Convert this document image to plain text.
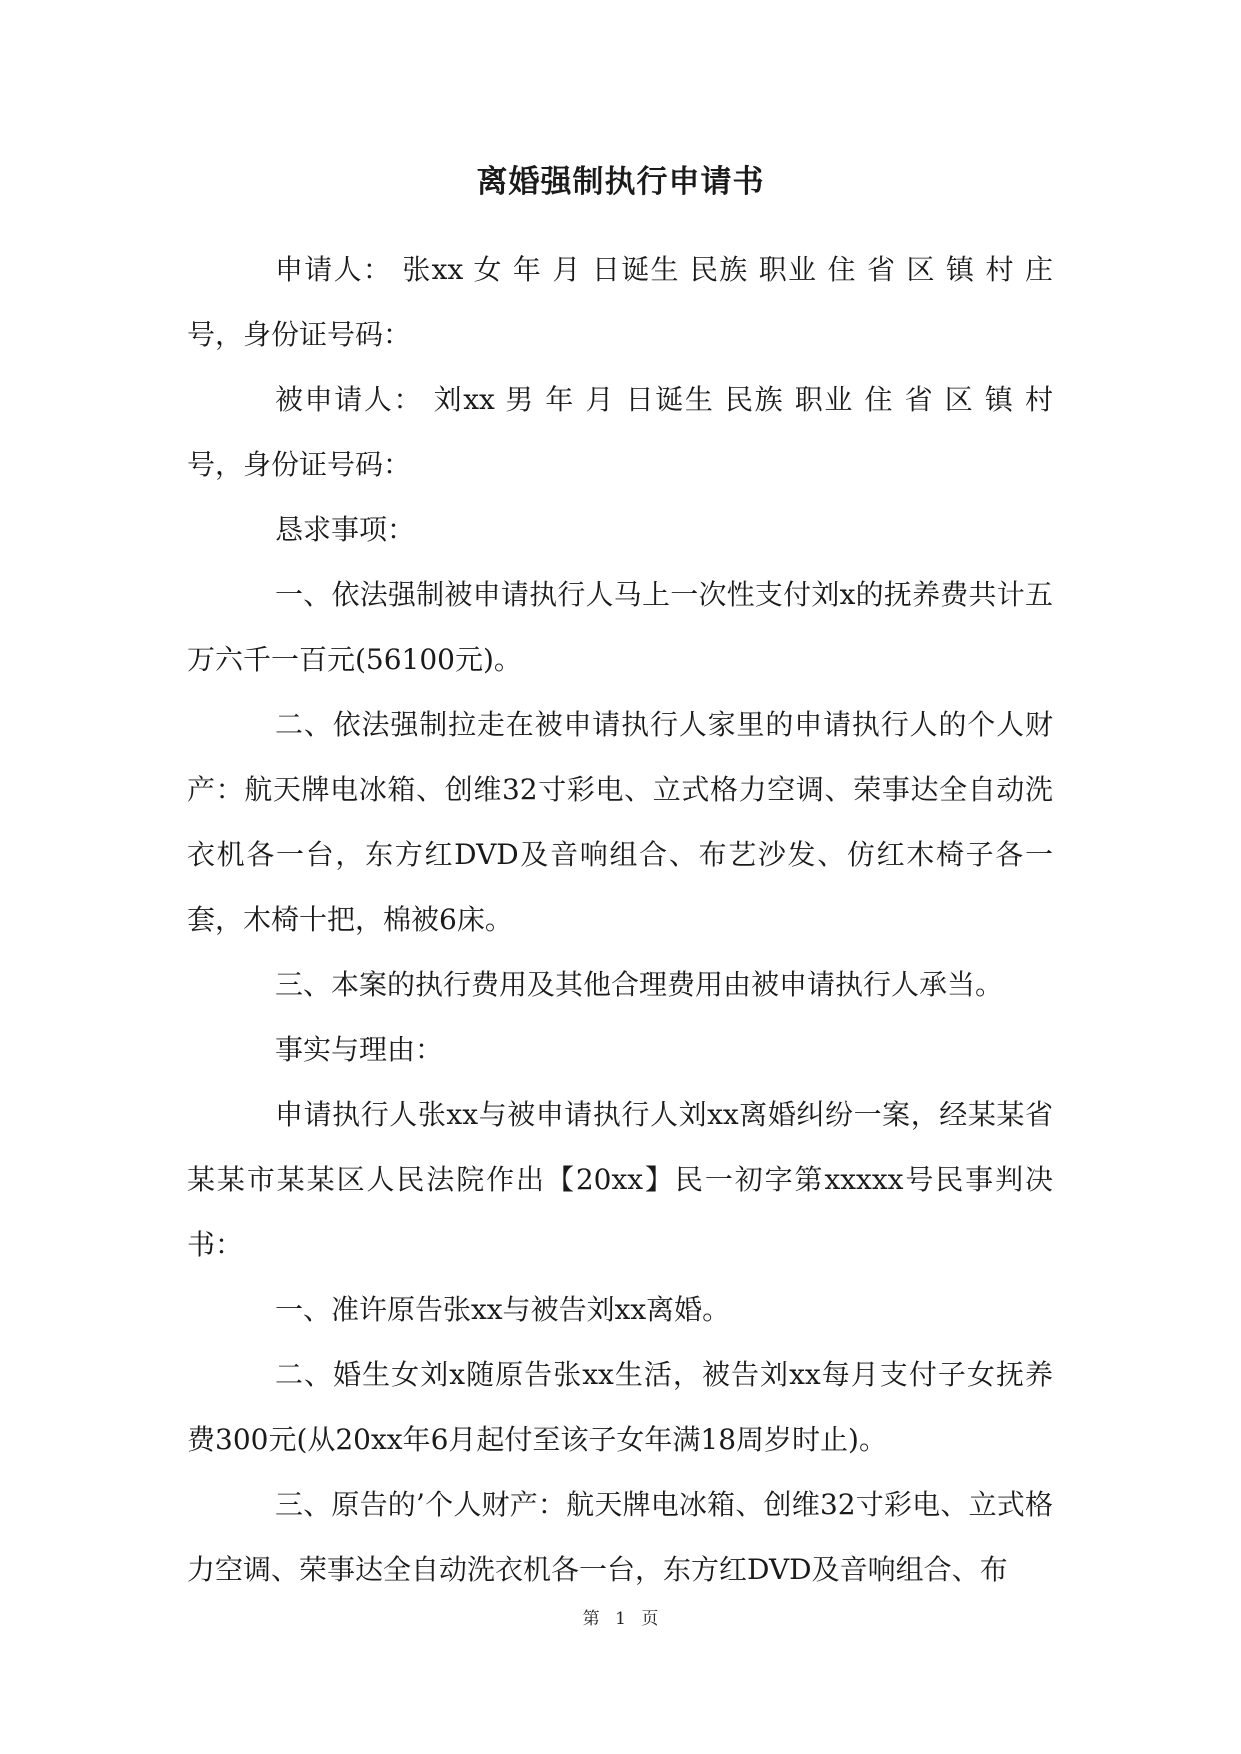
离婚强制执行申请书

申请人： 张xx 女 年 月 日诞生 民族 职业 住 省 区 镇 村 庄 号，身份证号码：

被申请人： 刘xx 男 年 月 日诞生 民族 职业 住 省 区 镇 村 号，身份证号码：

恳求事项：

一、依法强制被申请执行人马上一次性支付刘x的抚养费共计五万六千一百元(56100元)。

二、依法强制拉走在被申请执行人家里的申请执行人的个人财产：航天牌电冰箱、创维32寸彩电、立式格力空调、荣事达全自动洗衣机各一台，东方红DVD及音响组合、布艺沙发、仿红木椅子各一套，木椅十把，棉被6床。

三、本案的执行费用及其他合理费用由被申请执行人承当。

事实与理由：

申请执行人张xx与被申请执行人刘xx离婚纠纷一案，经某某省某某市某某区人民法院作出【20xx】民一初字第xxxxx号民事判决书：

一、准许原告张xx与被告刘xx离婚。

二、婚生女刘x随原告张xx生活，被告刘xx每月支付子女抚养费300元(从20xx年6月起付至该子女年满18周岁时止)。

三、原告的’个人财产：航天牌电冰箱、创维32寸彩电、立式格力空调、荣事达全自动洗衣机各一台，东方红DVD及音响组合、布

第 1 页
